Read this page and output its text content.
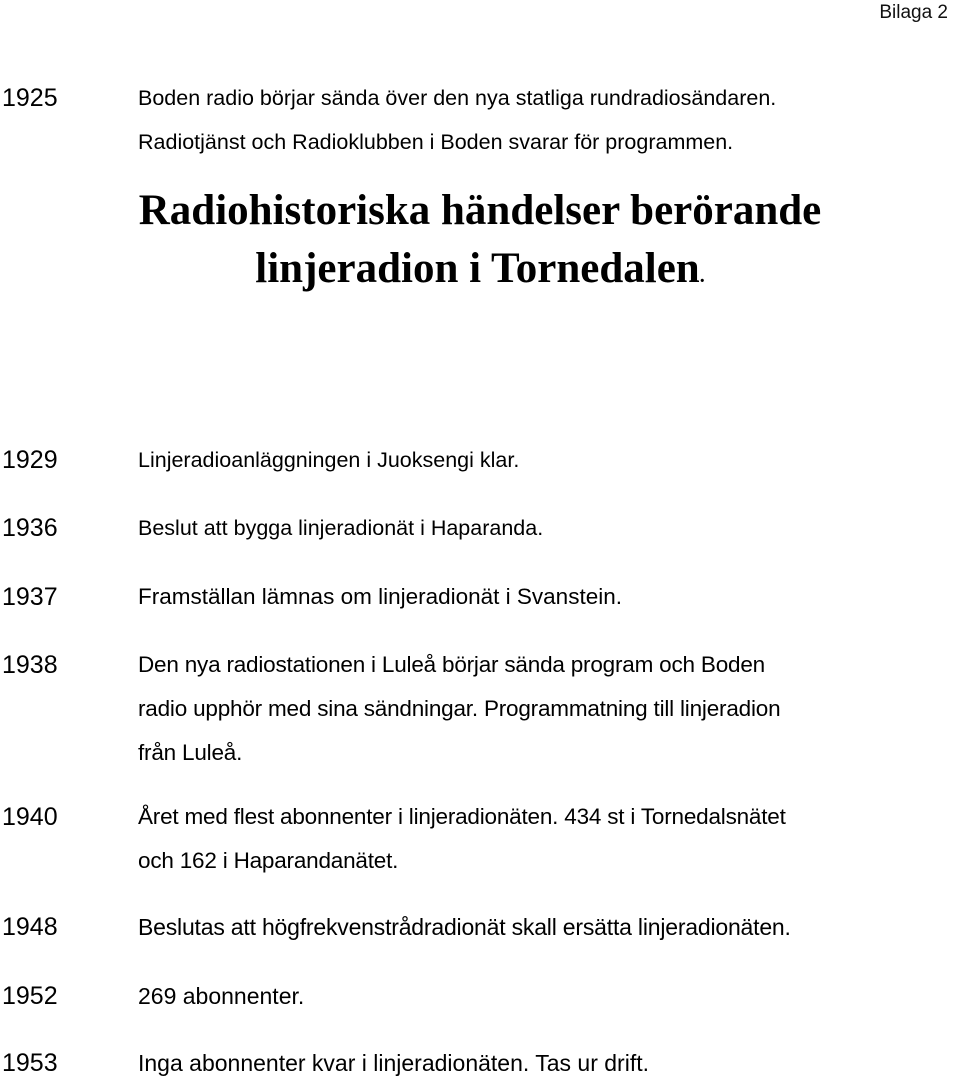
Bilaga 2
Radiohistoriska händelser berörande
linjeradion i Tornedalen.
1925	Boden radio börjar sända över den nya statliga rundradiosändaren.
Radiotjänst och Radioklubben i Boden svarar för programmen.
1929	Linjeradioanläggningen i Juoksengi klar.
1936	Beslut att bygga linjeradionät i Haparanda.
1937	Framställan lämnas om linjeradionät i Svanstein.
1938	Den nya radiostationen i Luleå börjar sända program och Boden
radio upphör med sina sändningar. Programmatning till linjeradion
från Luleå.
1940	Året med flest abonnenter i linjeradionäten. 434 st i Tornedalsnätet
och 162 i Haparandanätet.
1948	Beslutas att högfrekvenstrådradionät skall ersätta linjeradionäten.
1952	269 abonnenter.
1953	Inga abonnenter kvar i linjeradionäten. Tas ur drift.
